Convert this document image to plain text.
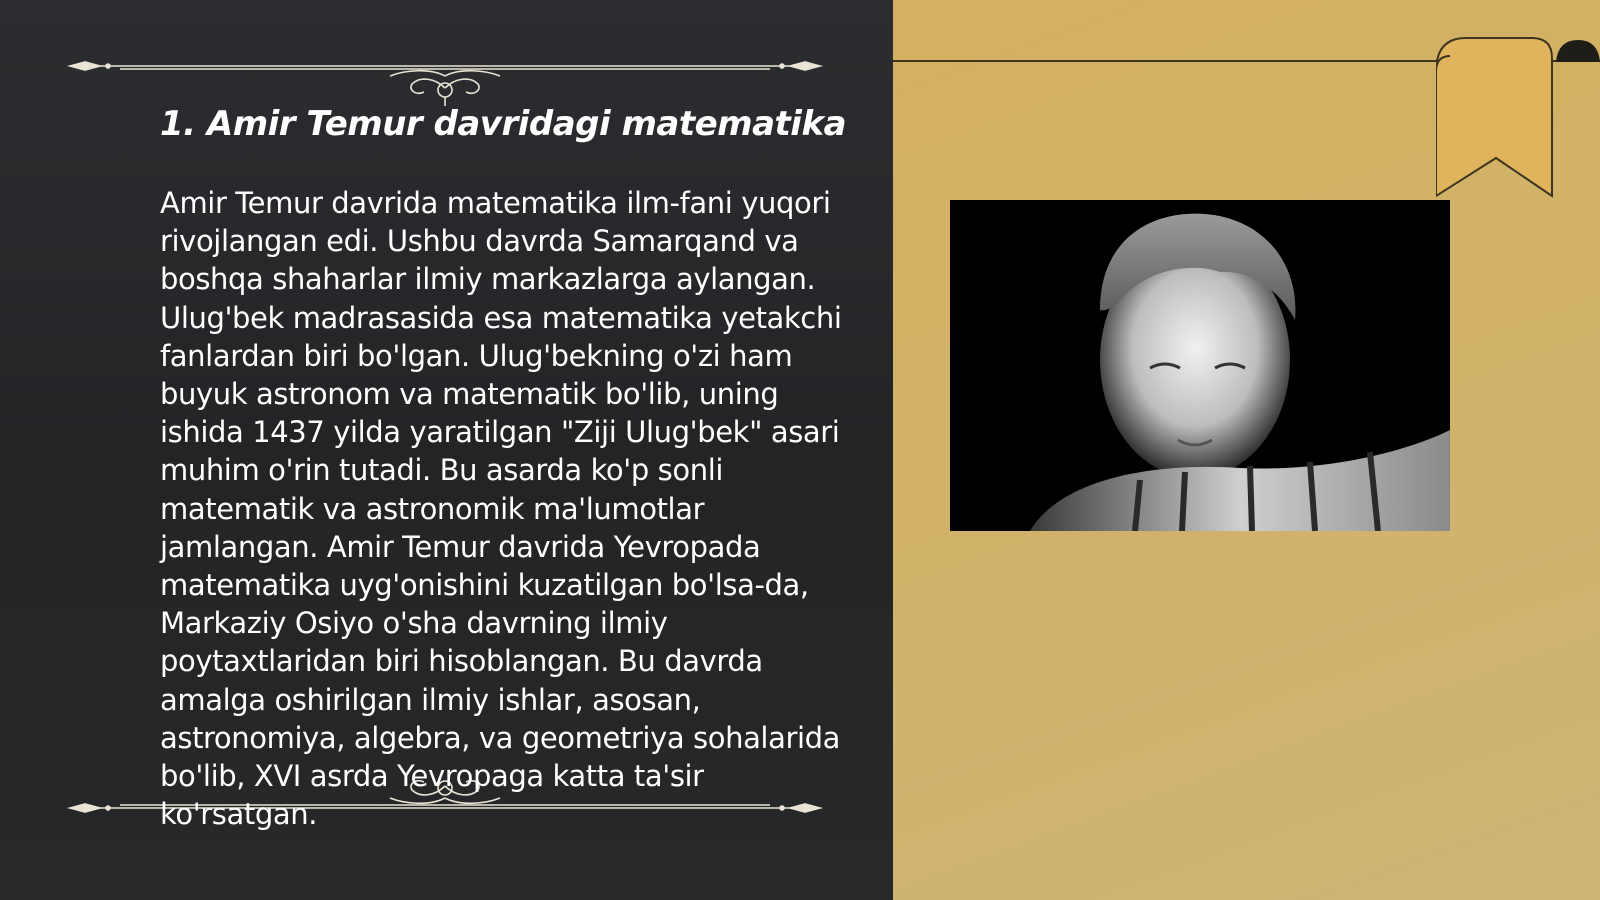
1. Amir Temur davridagi matematika
Amir Temur davrida matematika ilm-fani yuqori rivojlangan edi. Ushbu davrda Samarqand va boshqa shaharlar ilmiy markazlarga aylangan. Ulug'bek madrasasida esa matematika yetakchi fanlardan biri bo'lgan. Ulug'bekning o'zi ham buyuk astronom va matematik bo'lib, uning ishida 1437 yilda yaratilgan "Ziji Ulug'bek" asari muhim o'rin tutadi. Bu asarda ko'p sonli matematik va astronomik ma'lumotlar jamlangan. Amir Temur davrida Yevropada matematika uyg'onishini kuzatilgan bo'lsa-da, Markaziy Osiyo o'sha davrning ilmiy poytaxtlaridan biri hisoblangan. Bu davrda amalga oshirilgan ilmiy ishlar, asosan, astronomiya, algebra, va geometriya sohalarida bo'lib, XVI asrda Yevropaga katta ta'sir ko'rsatgan.
